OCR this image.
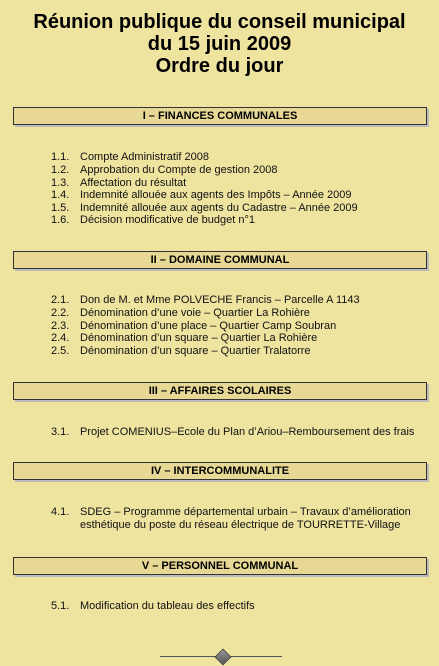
Réunion publique du conseil municipal
du 15 juin 2009
Ordre du jour
I – FINANCES COMMUNALES
1.1. Compte Administratif 2008
1.2. Approbation du Compte de gestion 2008
1.3. Affectation du résultat
1.4. Indemnité allouée aux agents des Impôts – Année 2009
1.5. Indemnité allouée aux agents du Cadastre – Année 2009
1.6. Décision modificative de budget n°1
II – DOMAINE COMMUNAL
2.1. Don de M. et Mme POLVECHE Francis – Parcelle A 1143
2.2. Dénomination d’une voie – Quartier La Rohière
2.3. Dénomination d’une place – Quartier Camp Soubran
2.4. Dénomination d’un square – Quartier La Rohière
2.5. Dénomination d’un square – Quartier Tralatorre
III – AFFAIRES SCOLAIRES
3.1. Projet COMENIUS–Ecole du Plan d’Ariou–Remboursement des frais
IV – INTERCOMMUNALITE
4.1. SDEG – Programme départemental urbain – Travaux d’amélioration
esthétique du poste du réseau électrique de TOURRETTE-Village
V – PERSONNEL COMMUNAL
5.1. Modification du tableau des effectifs
